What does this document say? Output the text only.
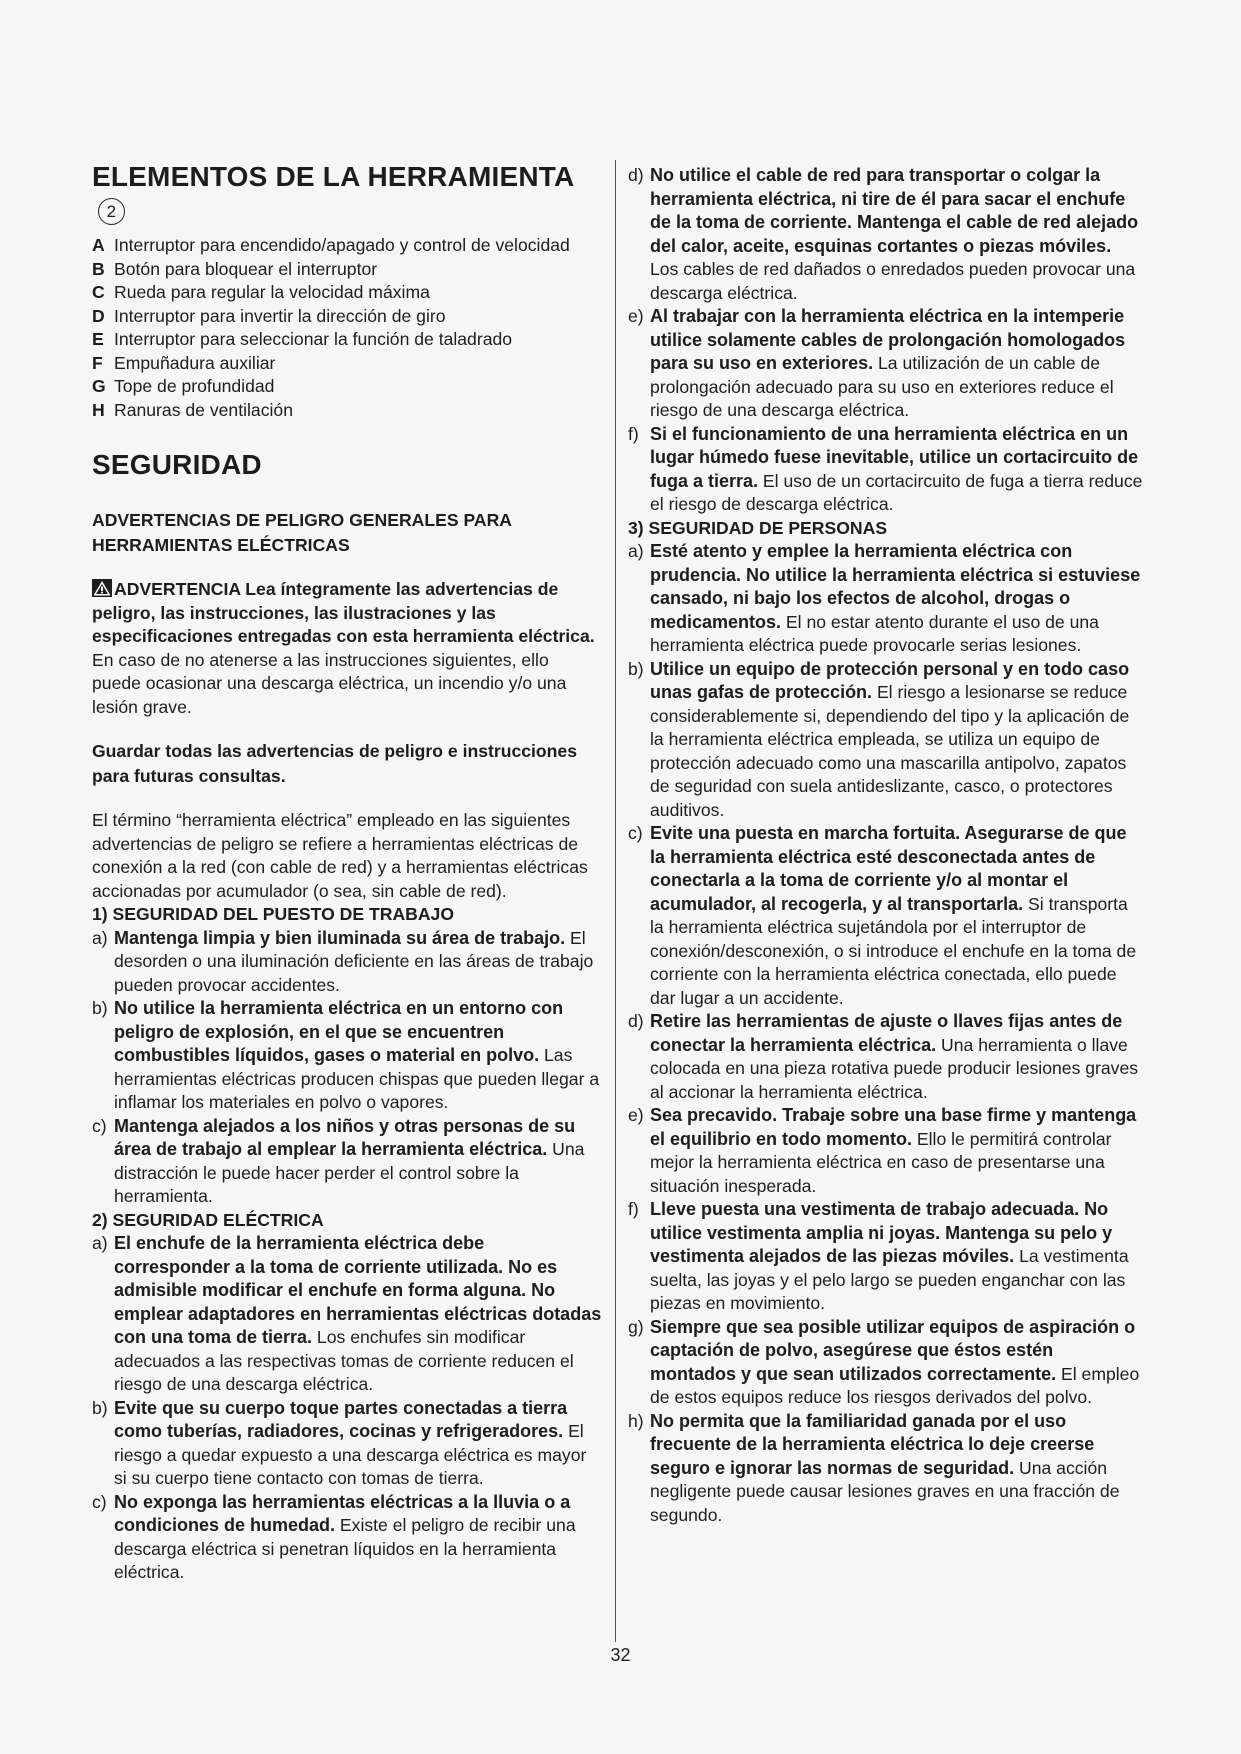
ELEMENTOS DE LA HERRAMIENTA2
A Interruptor para encendido/apagado y control de velocidad
B Botón para bloquear el interruptor
C Rueda para regular la velocidad máxima
D Interruptor para invertir la dirección de giro
E Interruptor para seleccionar la función de taladrado
F Empuñadura auxiliar
G Tope de profundidad
H Ranuras de ventilación
SEGURIDAD

ADVERTENCIAS DE PELIGRO GENERALES PARA HERRAMIENTAS ELÉCTRICAS

ADVERTENCIA Lea íntegramente las advertencias de peligro, las instrucciones, las ilustraciones y las especificaciones entregadas con esta herramienta eléctrica. En caso de no atenerse a las instrucciones siguientes, ello puede ocasionar una descarga eléctrica, un incendio y/o una lesión grave.

Guardar todas las advertencias de peligro e instrucciones para futuras consultas.

El término “herramienta eléctrica” empleado en las siguientes advertencias de peligro se refiere a herramientas eléctricas de conexión a la red (con cable de red) y a herramientas eléctricas accionadas por acumulador (o sea, sin cable de red).

1) SEGURIDAD DEL PUESTO DE TRABAJO

a) Mantenga limpia y bien iluminada su área de trabajo. El desorden o una iluminación deficiente en las áreas de trabajo pueden provocar accidentes.

b) No utilice la herramienta eléctrica en un entorno con peligro de explosión, en el que se encuentren combustibles líquidos, gases o material en polvo. Las herramientas eléctricas producen chispas que pueden llegar a inflamar los materiales en polvo o vapores.

c) Mantenga alejados a los niños y otras personas de su área de trabajo al emplear la herramienta eléctrica. Una distracción le puede hacer perder el control sobre la herramienta.

2) SEGURIDAD ELÉCTRICA

a) El enchufe de la herramienta eléctrica debe corresponder a la toma de corriente utilizada. No es admisible modificar el enchufe en forma alguna. No emplear adaptadores en herramientas eléctricas dotadas con una toma de tierra. Los enchufes sin modificar adecuados a las respectivas tomas de corriente reducen el riesgo de una descarga eléctrica.

b) Evite que su cuerpo toque partes conectadas a tierra como tuberías, radiadores, cocinas y refrigeradores. El riesgo a quedar expuesto a una descarga eléctrica es mayor si su cuerpo tiene contacto con tomas de tierra.

c) No exponga las herramientas eléctricas a la lluvia o a condiciones de humedad. Existe el peligro de recibir una descarga eléctrica si penetran líquidos en la herramienta eléctrica.

d) No utilice el cable de red para transportar o colgar la herramienta eléctrica, ni tire de él para sacar el enchufe de la toma de corriente. Mantenga el cable de red alejado del calor, aceite, esquinas cortantes o piezas móviles. Los cables de red dañados o enredados pueden provocar una descarga eléctrica.

e) Al trabajar con la herramienta eléctrica en la intemperie utilice solamente cables de prolongación homologados para su uso en exteriores. La utilización de un cable de prolongación adecuado para su uso en exteriores reduce el riesgo de una descarga eléctrica.

f) Si el funcionamiento de una herramienta eléctrica en un lugar húmedo fuese inevitable, utilice un cortacircuito de fuga a tierra. El uso de un cortacircuito de fuga a tierra reduce el riesgo de descarga eléctrica.

3) SEGURIDAD DE PERSONAS

a) Esté atento y emplee la herramienta eléctrica con prudencia. No utilice la herramienta eléctrica si estuviese cansado, ni bajo los efectos de alcohol, drogas o medicamentos. El no estar atento durante el uso de una herramienta eléctrica puede provocarle serias lesiones.

b) Utilice un equipo de protección personal y en todo caso unas gafas de protección. El riesgo a lesionarse se reduce considerablemente si, dependiendo del tipo y la aplicación de la herramienta eléctrica empleada, se utiliza un equipo de protección adecuado como una mascarilla antipolvo, zapatos de seguridad con suela antideslizante, casco, o protectores auditivos.

c) Evite una puesta en marcha fortuita. Asegurarse de que la herramienta eléctrica esté desconectada antes de conectarla a la toma de corriente y/o al montar el acumulador, al recogerla, y al transportarla. Si transporta la herramienta eléctrica sujetándola por el interruptor de conexión/desconexión, o si introduce el enchufe en la toma de corriente con la herramienta eléctrica conectada, ello puede dar lugar a un accidente.

d) Retire las herramientas de ajuste o llaves fijas antes de conectar la herramienta eléctrica. Una herramienta o llave colocada en una pieza rotativa puede producir lesiones graves al accionar la herramienta eléctrica.

e) Sea precavido. Trabaje sobre una base firme y mantenga el equilibrio en todo momento. Ello le permitirá controlar mejor la herramienta eléctrica en caso de presentarse una situación inesperada.

f) Lleve puesta una vestimenta de trabajo adecuada. No utilice vestimenta amplia ni joyas. Mantenga su pelo y vestimenta alejados de las piezas móviles. La vestimenta suelta, las joyas y el pelo largo se pueden enganchar con las piezas en movimiento.

g) Siempre que sea posible utilizar equipos de aspiración o captación de polvo, asegúrese que éstos estén montados y que sean utilizados correctamente. El empleo de estos equipos reduce los riesgos derivados del polvo.

h) No permita que la familiaridad ganada por el uso frecuente de la herramienta eléctrica lo deje creerse seguro e ignorar las normas de seguridad. Una acción negligente puede causar lesiones graves en una fracción de segundo.

32
